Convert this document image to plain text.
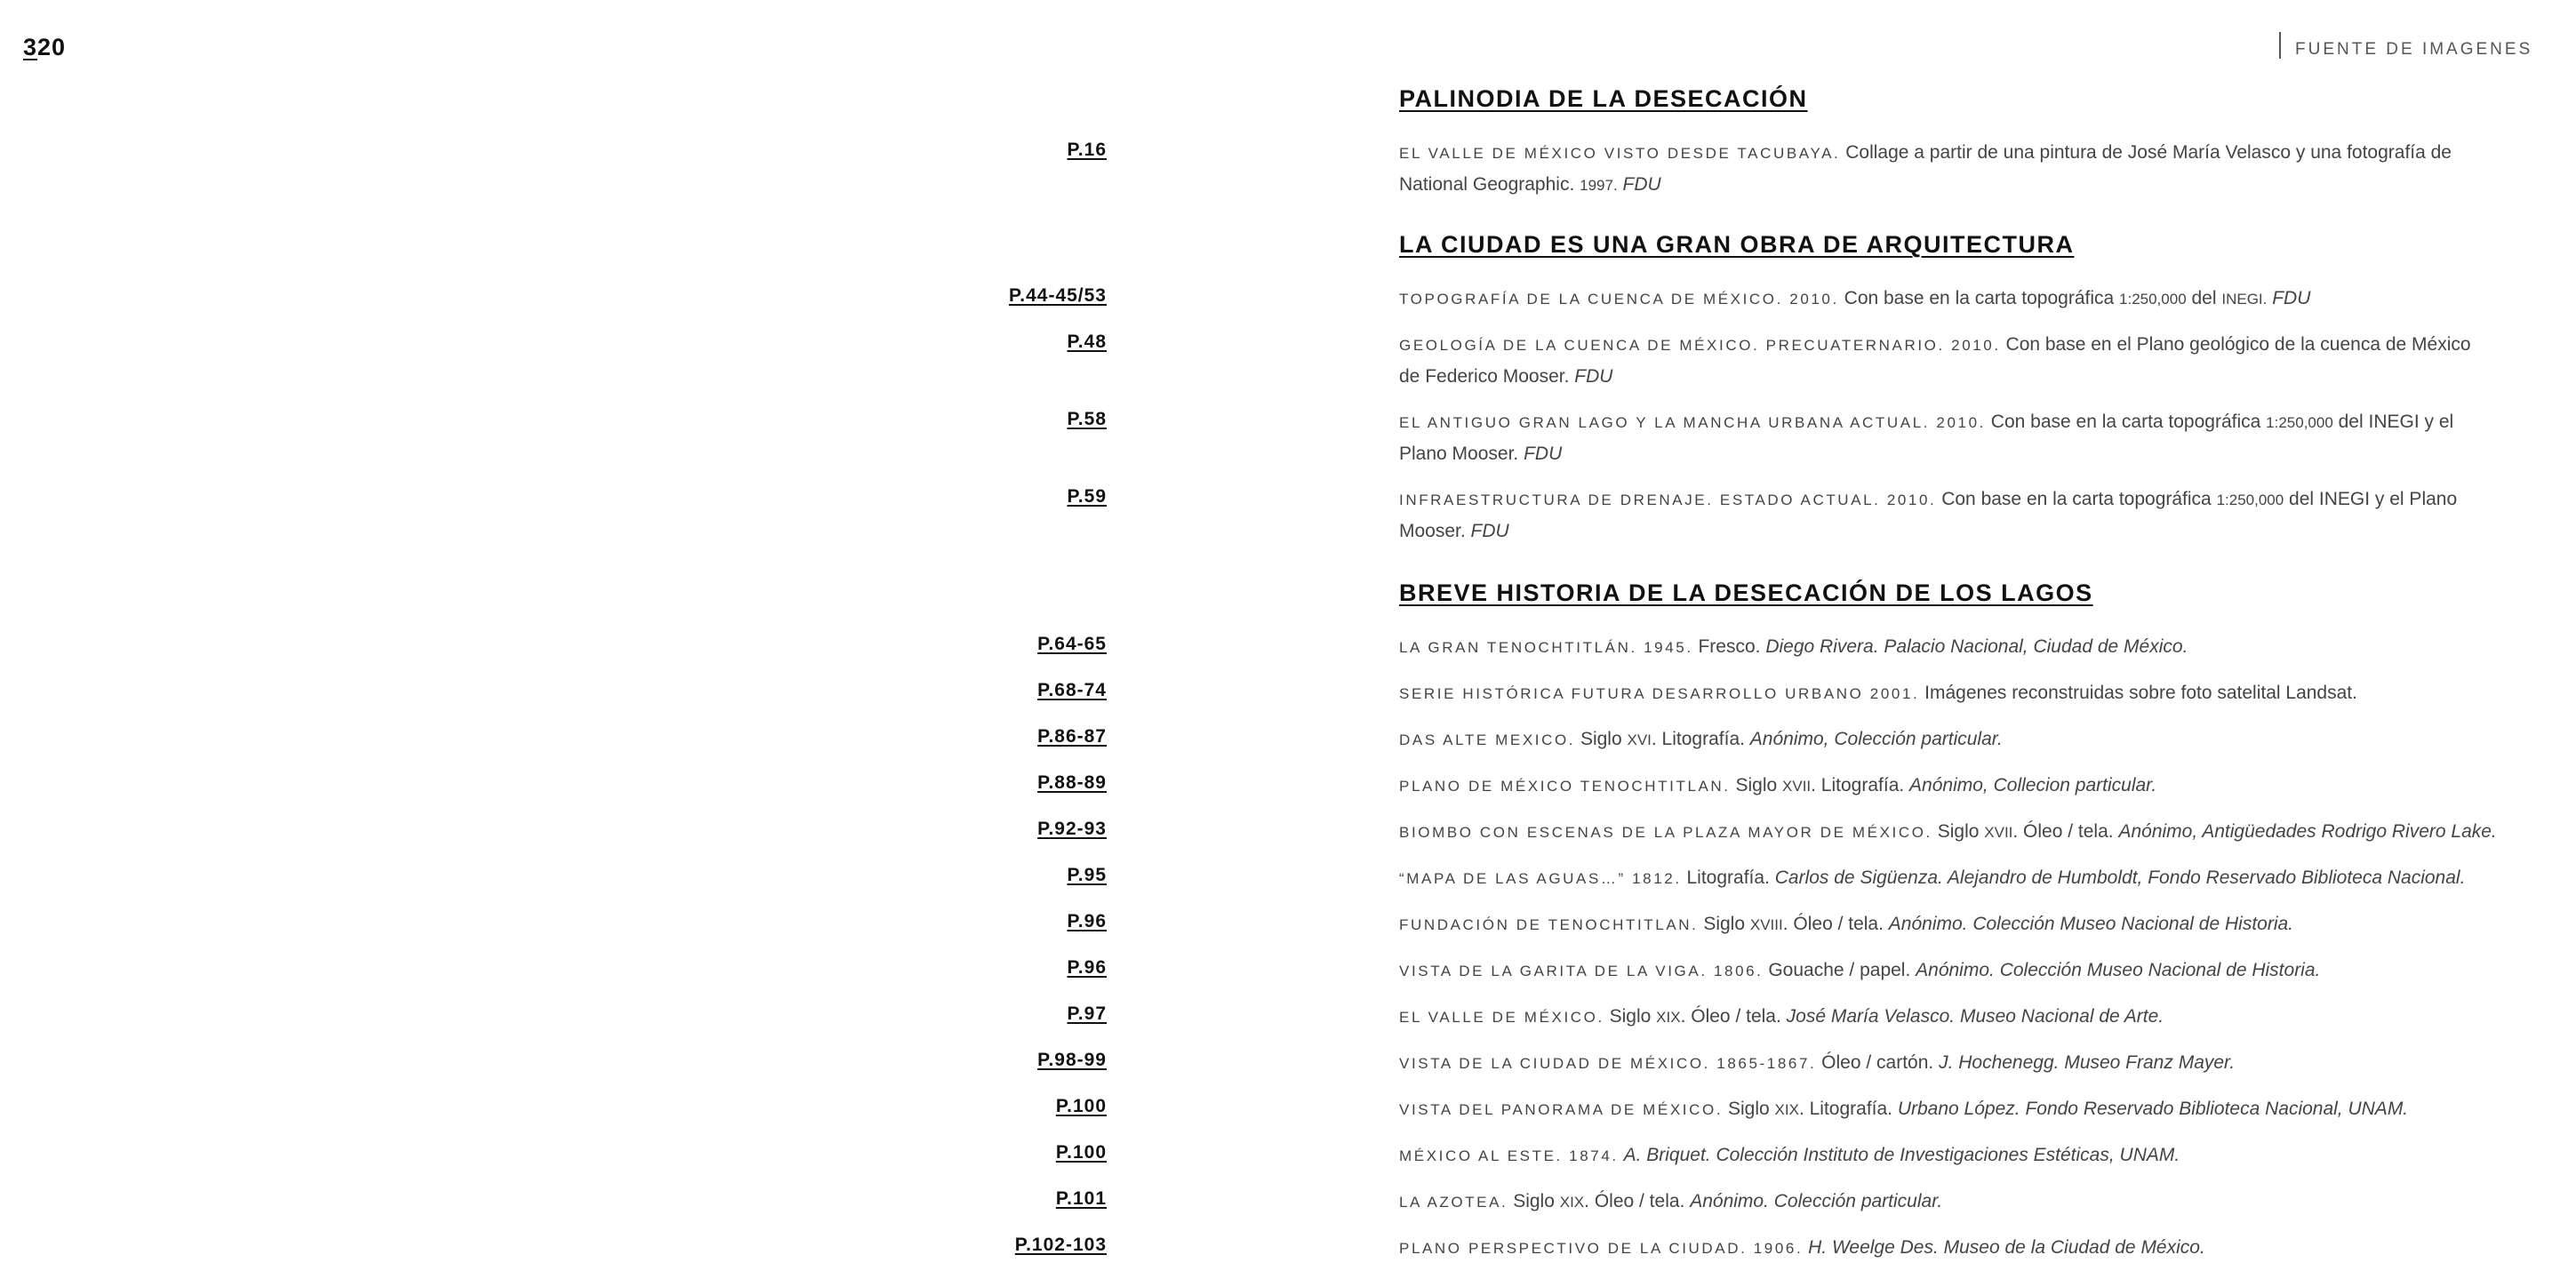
320	FUENTE DE IMAGENES
PALINODIA DE LA DESECACIÓN
P.16	EL VALLE DE MÉXICO VISTO DESDE TACUBAYA. Collage a partir de una pintura de José María Velasco y una fotografía de National Geographic. 1997. FDU
LA CIUDAD ES UNA GRAN OBRA DE ARQUITECTURA
P.44-45/53	TOPOGRAFÍA DE LA CUENCA DE MÉXICO. 2010. Con base en la carta topográfica 1:250,000 del INEGI. FDU
P.48	GEOLOGÍA DE LA CUENCA DE MÉXICO. PRECUATERNARIO. 2010. Con base en el Plano geológico de la cuenca de México de Federico Mooser. FDU
P.58	EL ANTIGUO GRAN LAGO Y LA MANCHA URBANA ACTUAL. 2010. Con base en la carta topográfica 1:250,000 del INEGI y el Plano Mooser. FDU
P.59	INFRAESTRUCTURA DE DRENAJE. ESTADO ACTUAL. 2010. Con base en la carta topográfica 1:250,000 del INEGI y el Plano Mooser. FDU
BREVE HISTORIA DE LA DESECACIÓN DE LOS LAGOS
P.64-65	LA GRAN TENOCHTITLÁN. 1945. Fresco. Diego Rivera. Palacio Nacional, Ciudad de México.
P.68-74	SERIE HISTÓRICA FUTURA DESARROLLO URBANO 2001. Imágenes reconstruidas sobre foto satelital Landsat.
P.86-87	DAS ALTE MEXICO. Siglo XVI. Litografía. Anónimo, Colección particular.
P.88-89	PLANO DE MÉXICO TENOCHTITLAN. Siglo XVII. Litografía. Anónimo, Collecion particular.
P.92-93	BIOMBO CON ESCENAS DE LA PLAZA MAYOR DE MÉXICO. Siglo XVII. Óleo / tela. Anónimo, Antigüedades Rodrigo Rivero Lake.
P.95	“MAPA DE LAS AGUAS…” 1812. Litografía. Carlos de Sigüenza. Alejandro de Humboldt, Fondo Reservado Biblioteca Nacional.
P.96	FUNDACIÓN DE TENOCHTITLAN. Siglo XVIII. Óleo / tela. Anónimo. Colección Museo Nacional de Historia.
P.96	VISTA DE LA GARITA DE LA VIGA. 1806. Gouache / papel. Anónimo. Colección Museo Nacional de Historia.
P.97	EL VALLE DE MÉXICO. Siglo XIX. Óleo / tela. José María Velasco. Museo Nacional de Arte.
P.98-99	VISTA DE LA CIUDAD DE MÉXICO. 1865-1867. Óleo / cartón. J. Hochenegg. Museo Franz Mayer.
P.100	VISTA DEL PANORAMA DE MÉXICO. Siglo XIX. Litografía. Urbano López. Fondo Reservado Biblioteca Nacional, UNAM.
P.100	MÉXICO AL ESTE. 1874. A. Briquet. Colección Instituto de Investigaciones Estéticas, UNAM.
P.101	LA AZOTEA. Siglo XIX. Óleo / tela. Anónimo. Colección particular.
P.102-103	PLANO PERSPECTIVO DE LA CIUDAD. 1906. H. Weelge Des. Museo de la Ciudad de México.
